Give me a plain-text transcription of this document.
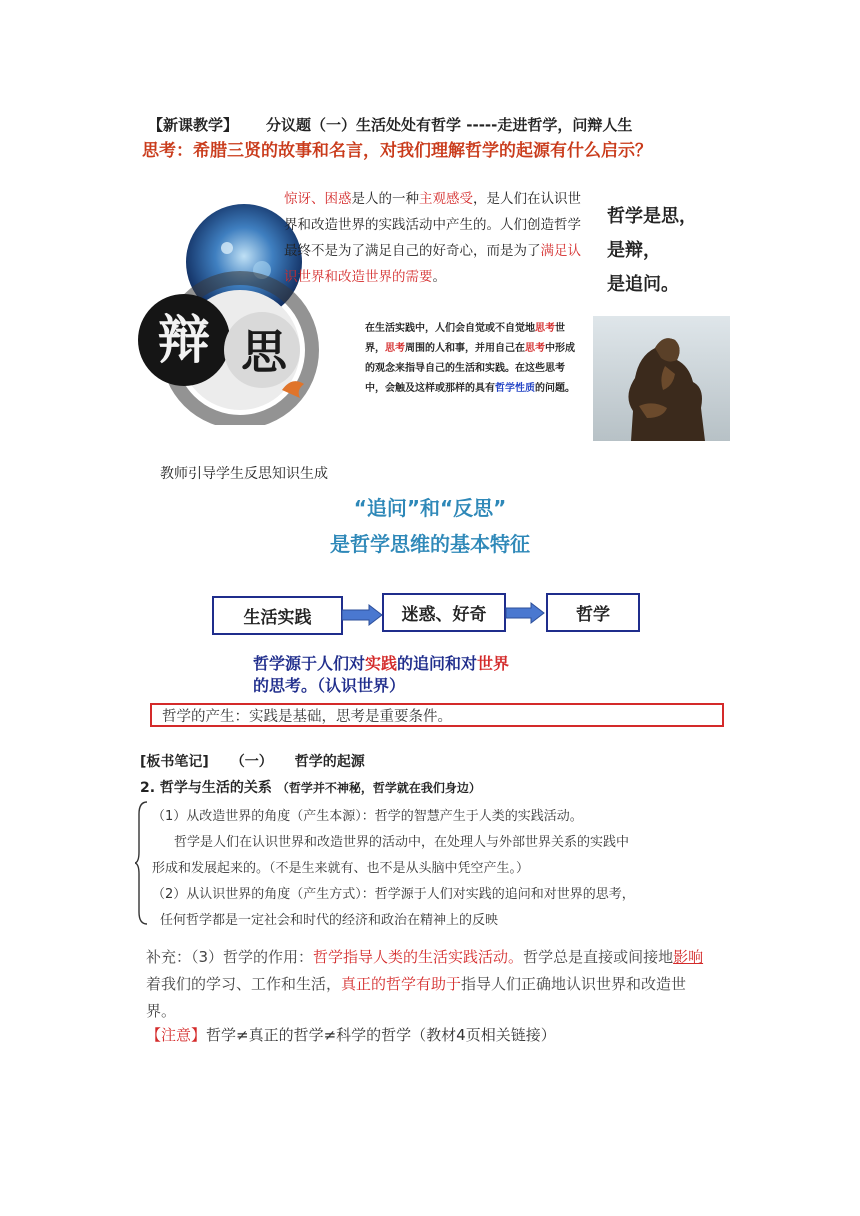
【新课教学】 分议题（一）生活处处有哲学 -----走进哲学，问辩人生
思考：希腊三贤的故事和名言，对我们理解哲学的起源有什么启示？
辩 思
惊讶、困惑是人的一种主观感受，是人们在认识世界和改造世界的实践活动中产生的。人们创造哲学最终不是为了满足自己的好奇心，而是为了满足认识世界和改造世界的需要。
哲学是思，
是辩，
是追问。
在生活实践中，人们会自觉或不自觉地思考世界，思考周围的人和事，并用自己在思考中形成的观念来指导自己的生活和实践。在这些思考中，会触及这样或那样的具有哲学性质的问题。
教师引导学生反思知识生成
“追问”和“反思”
是哲学思维的基本特征
生活实践	迷惑、好奇	哲学
哲学源于人们对实践的追问和对世界
的思考。（认识世界）
哲学的产生：实践是基础，思考是重要条件。
[板书笔记] （一） 哲学的起源
2. 哲学与生活的关系 （哲学并不神秘，哲学就在我们身边）
（1）从改造世界的角度（产生本源）：哲学的智慧产生于人类的实践活动。
哲学是人们在认识世界和改造世界的活动中，在处理人与外部世界关系的实践中
形成和发展起来的。（不是生来就有、也不是从头脑中凭空产生。）
（2）从认识世界的角度（产生方式）：哲学源于人们对实践的追问和对世界的思考，
任何哲学都是一定社会和时代的经济和政治在精神上的反映
补充：（3）哲学的作用：哲学指导人类的生活实践活动。哲学总是直接或间接地影响着我们的学习、工作和生活，真正的哲学有助于指导人们正确地认识世界和改造世界。
【注意】哲学≠真正的哲学≠科学的哲学（教材4页相关链接）
